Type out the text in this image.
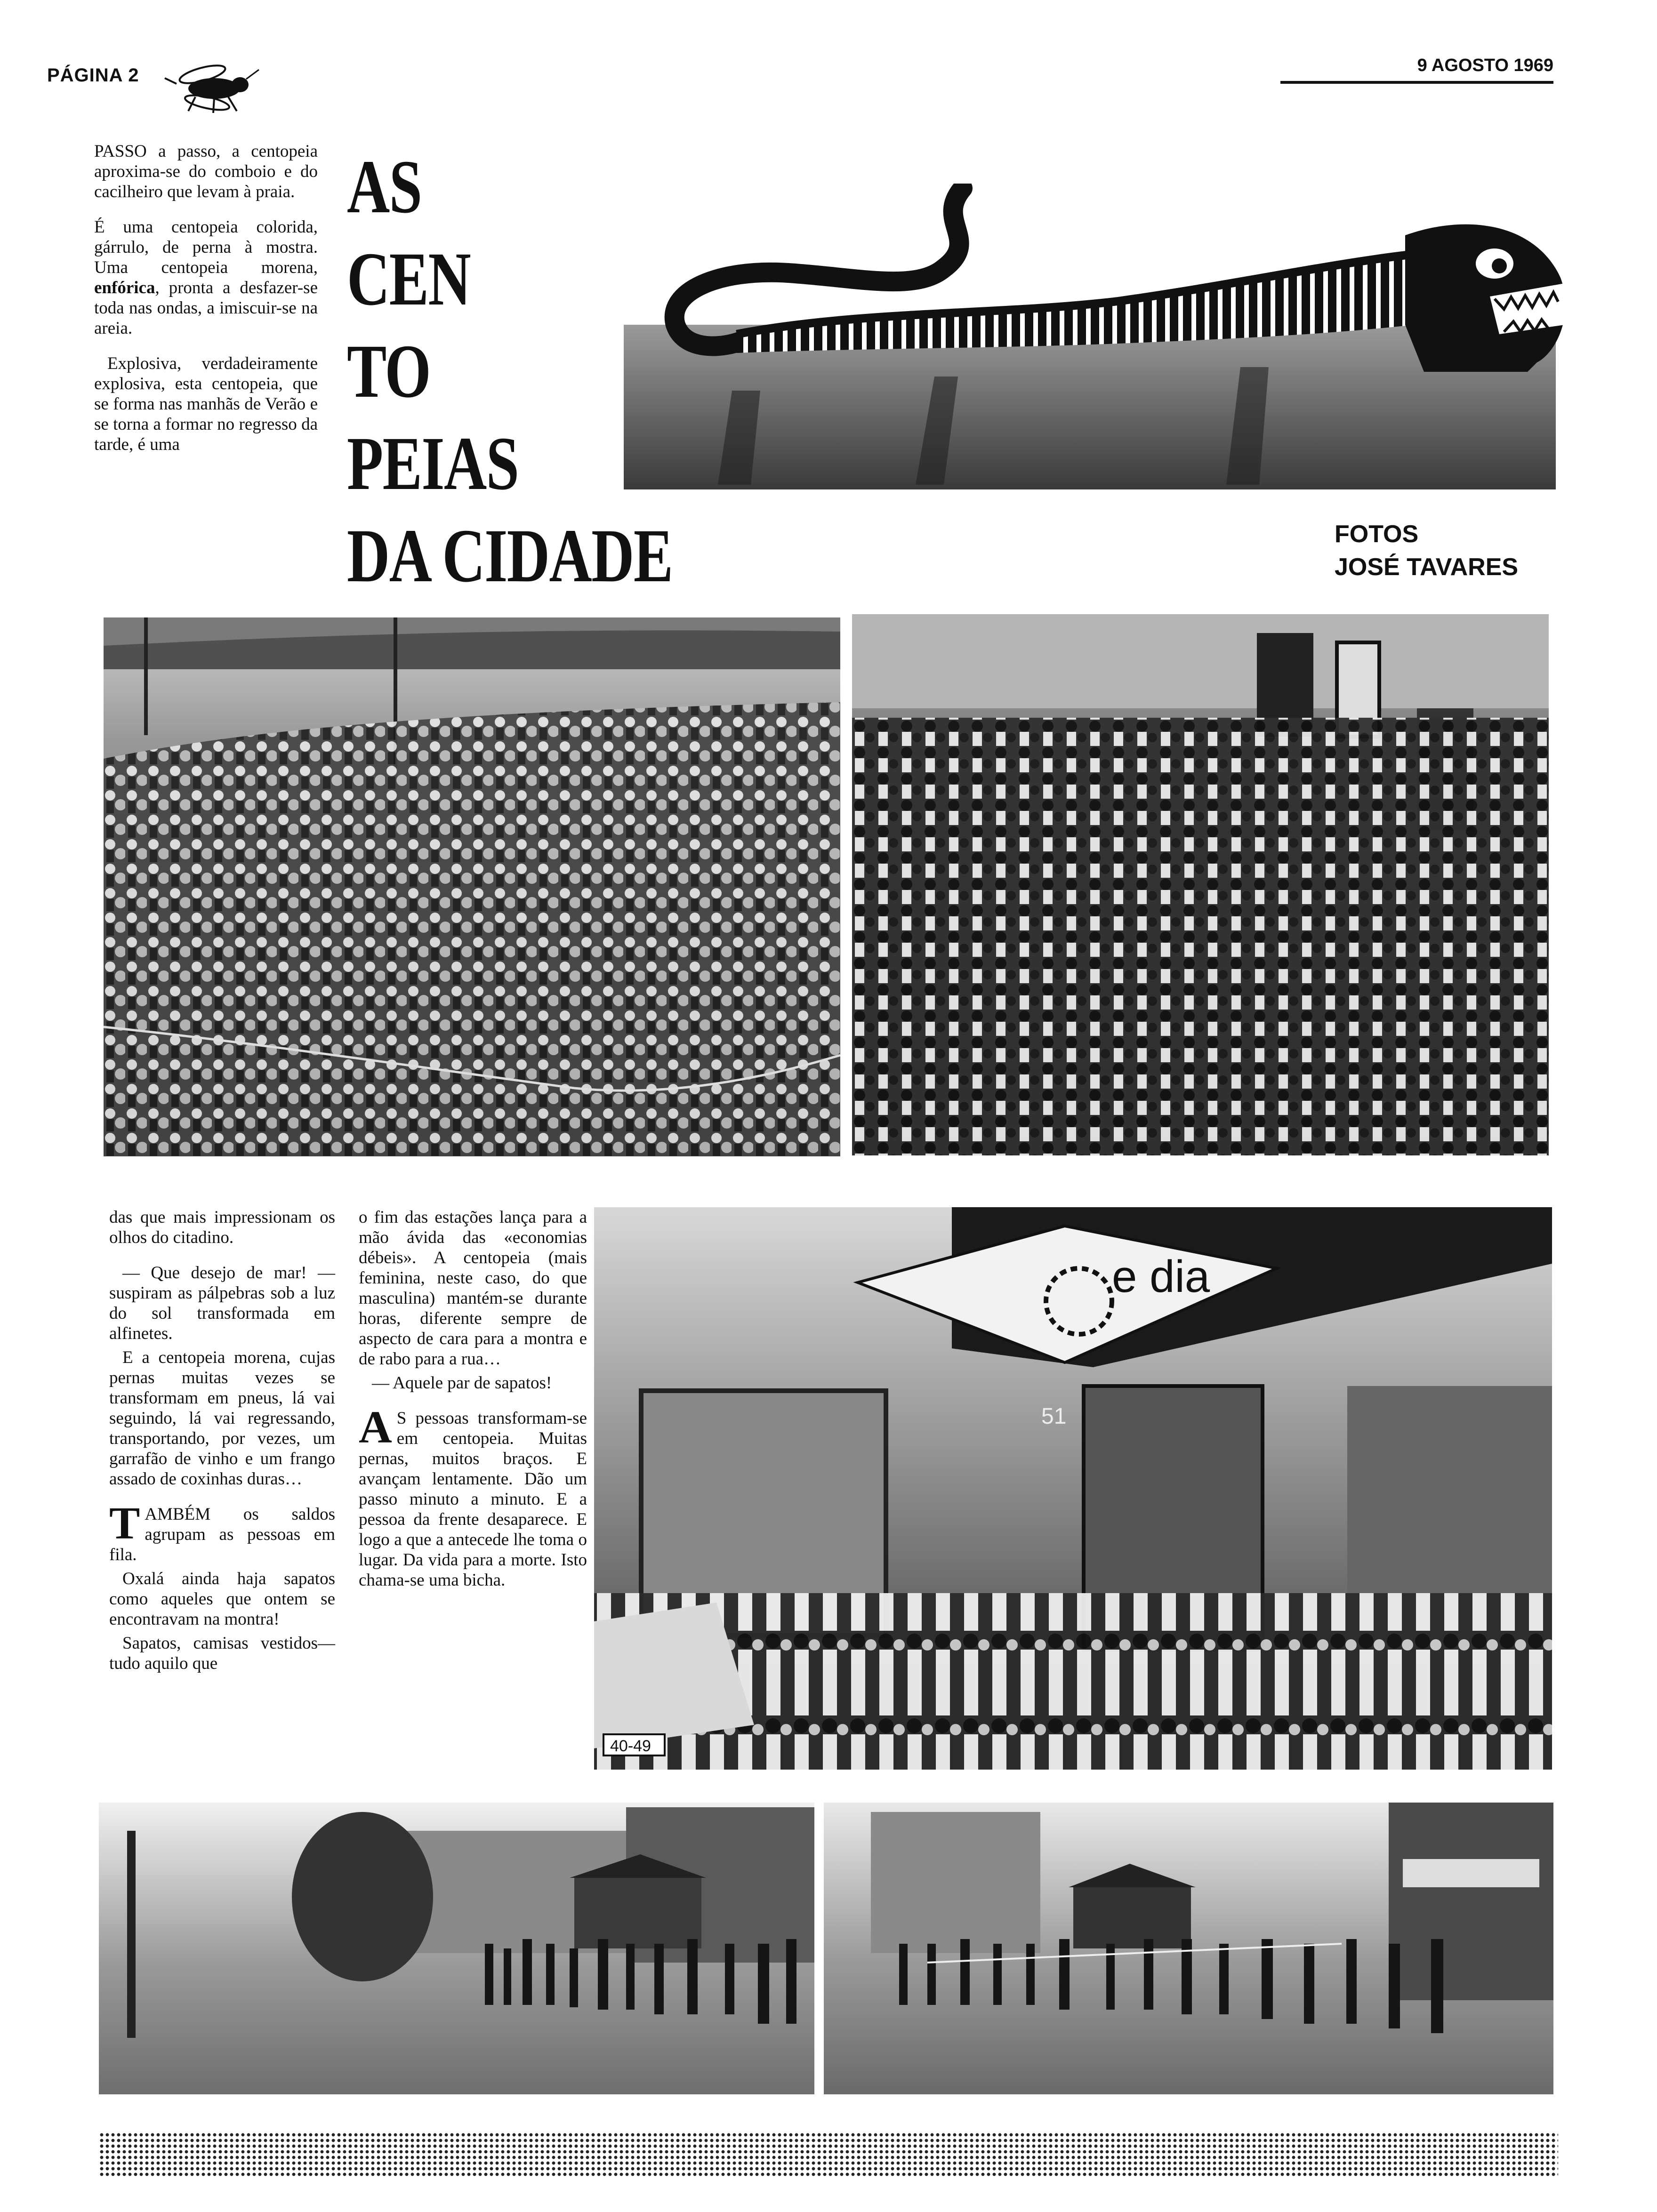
PÁGINA 2	9 AGOSTO 1969

PASSO a passo, a centopeia aproxima-se do comboio e do cacilheiro que levam à praia.

É uma centopeia colorida, gárrulo, de perna à mostra. Uma centopeia morena, enfórica, pronta a desfazer-se toda nas ondas, a imiscuir-se na areia.

Explosiva, verdadeiramente explosiva, esta centopeia, que se forma nas manhãs de Verão e se torna a formar no regresso da tarde, é uma

AS
CEN
TO
PEIAS
DA CIDADE	FOTOS
JOSÉ TAVARES

das que mais impressionam os olhos do citadino.

— Que desejo de mar! — suspiram as pálpebras sob a luz do sol transformada em alfinetes.

E a centopeia morena, cujas pernas muitas vezes se transformam em pneus, lá vai seguindo, lá vai regressando, transportando, por vezes, um garrafão de vinho e um frango assado de coxinhas duras…

TAMBÉM os saldos agrupam as pessoas em fila.

Oxalá ainda haja sapatos como aqueles que ontem se encontravam na montra!

Sapatos, camisas vestidos—tudo aquilo que

o fim das estações lança para a mão ávida das «economias débeis». A centopeia (mais feminina, neste caso, do que masculina) mantém-se durante horas, diferente sempre de aspecto de cara para a montra e de rabo para a rua…

— Aquele par de sapatos!

A S pessoas transformam-se em centopeia. Muitas pernas, muitos braços. E avançam lentamente. Dão um passo minuto a minuto. E a pessoa da frente desaparece. E logo a que a antecede lhe toma o lugar. Da vida para a morte. Isto chama-se uma bicha.

e dia
51
40-49
